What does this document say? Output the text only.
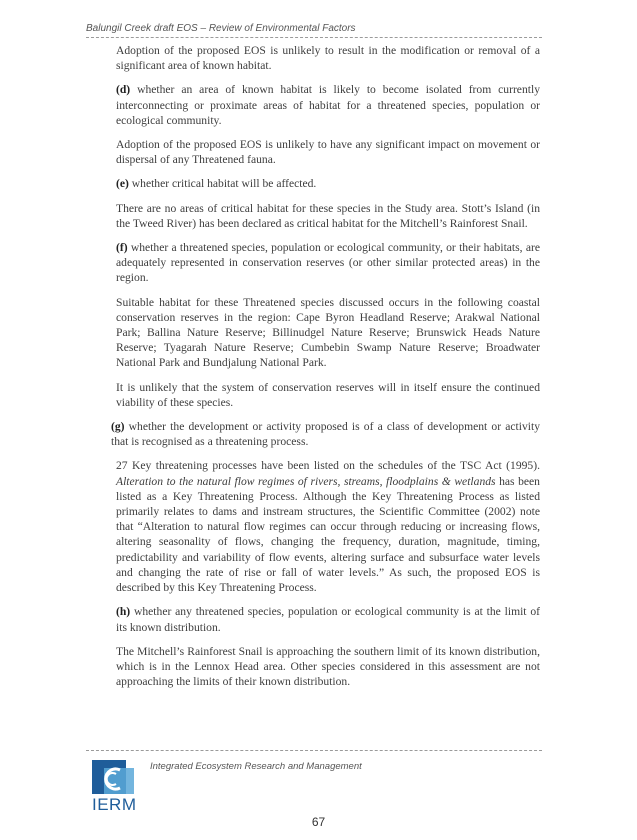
Balungil Creek draft EOS – Review of Environmental Factors

Adoption of the proposed EOS is unlikely to result in the modification or removal of a significant area of known habitat.

(d) whether an area of known habitat is likely to become isolated from currently interconnecting or proximate areas of habitat for a threatened species, population or ecological community.

Adoption of the proposed EOS is unlikely to have any significant impact on movement or dispersal of any Threatened fauna.

(e) whether critical habitat will be affected.

There are no areas of critical habitat for these species in the Study area. Stott’s Island (in the Tweed River) has been declared as critical habitat for the Mitchell’s Rainforest Snail.

(f) whether a threatened species, population or ecological community, or their habitats, are adequately represented in conservation reserves (or other similar protected areas) in the region.

Suitable habitat for these Threatened species discussed occurs in the following coastal conservation reserves in the region: Cape Byron Headland Reserve; Arakwal National Park; Ballina Nature Reserve; Billinudgel Nature Reserve; Brunswick Heads Nature Reserve; Tyagarah Nature Reserve; Cumbebin Swamp Nature Reserve; Broadwater National Park and Bundjalung National Park.

It is unlikely that the system of conservation reserves will in itself ensure the continued viability of these species.

(g) whether the development or activity proposed is of a class of development or activity that is recognised as a threatening process.

27 Key threatening processes have been listed on the schedules of the TSC Act (1995). Alteration to the natural flow regimes of rivers, streams, floodplains & wetlands has been listed as a Key Threatening Process. Although the Key Threatening Process as listed primarily relates to dams and instream structures, the Scientific Committee (2002) note that “Alteration to natural flow regimes can occur through reducing or increasing flows, altering seasonality of flows, changing the frequency, duration, magnitude, timing, predictability and variability of flow events, altering surface and subsurface water levels and changing the rate of rise or fall of water levels.” As such, the proposed EOS is described by this Key Threatening Process.

(h) whether any threatened species, population or ecological community is at the limit of its known distribution.

The Mitchell’s Rainforest Snail is approaching the southern limit of its known distribution, which is in the Lennox Head area. Other species considered in this assessment are not approaching the limits of their known distribution.

IERM
Integrated Ecosystem Research and Management
67
